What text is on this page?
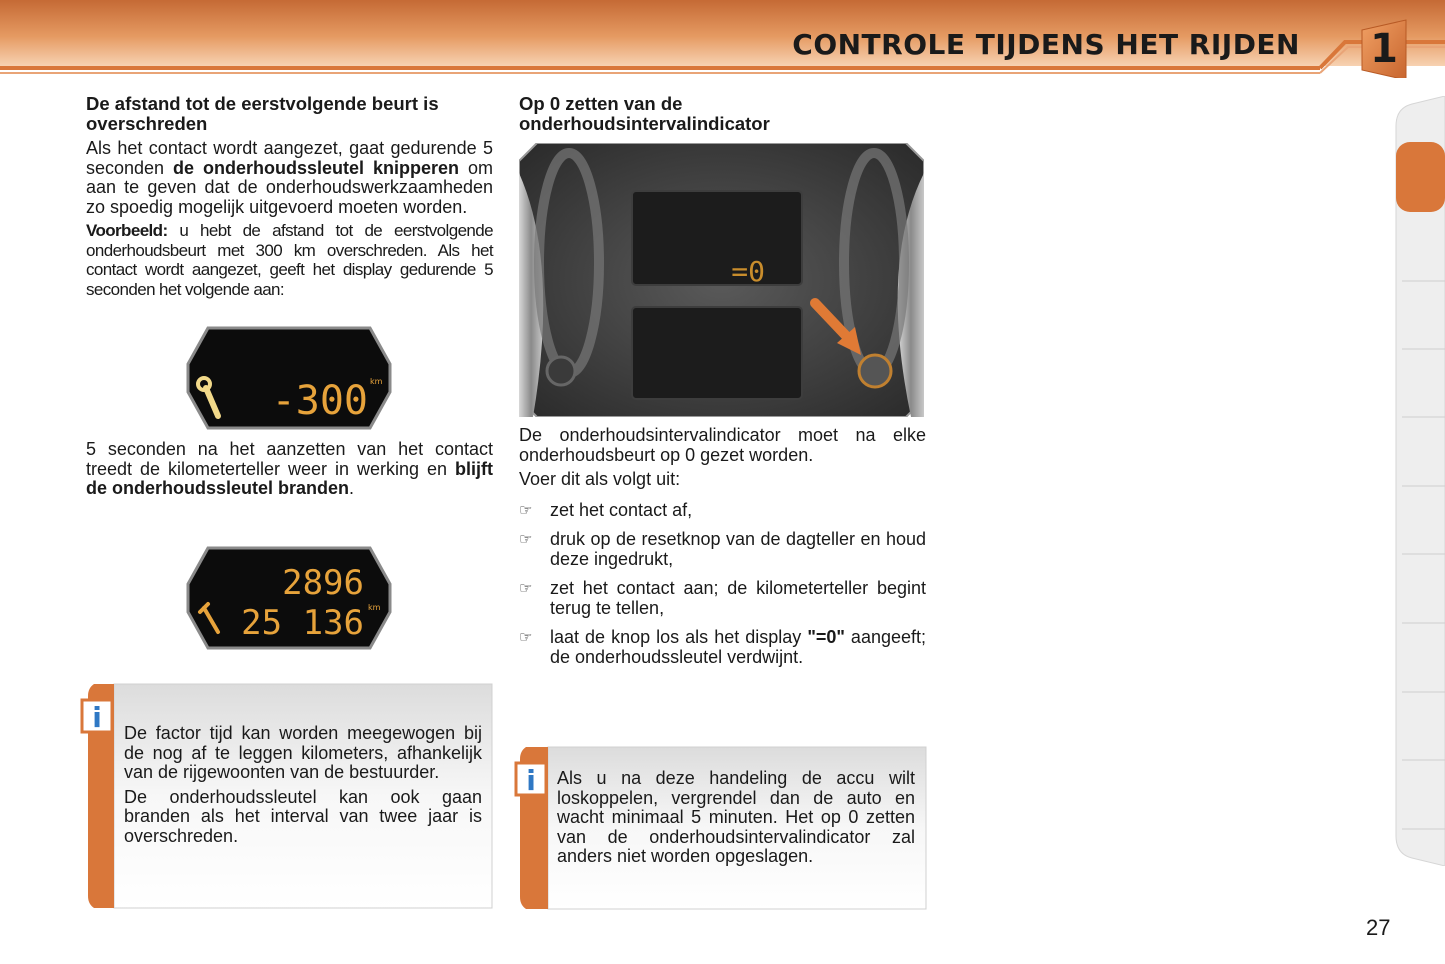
CONTROLE TIJDENS HET RIJDEN 1
De afstand tot de eerstvolgende beurt is overschreden
Als het contact wordt aangezet, gaat gedurende 5 seconden de onderhoudssleutel knipperen om aan te geven dat de onderhoudswerkzaamheden zo spoedig mogelijk uitgevoerd moeten worden.
Voorbeeld: u hebt de afstand tot de eerstvolgende onderhoudsbeurt met 300 km overschreden. Als het contact wordt aangezet, geeft het display gedurende 5 seconden het volgende aan:
5 seconden na het aanzetten van het contact treedt de kilometerteller weer in werking en blijft de onderhoudssleutel branden.
-300 km
2896
25 136 km
i De factor tijd kan worden meegewogen bij de nog af te leggen kilometers, afhankelijk van de rijgewoonten van de bestuurder.
De onderhoudssleutel kan ook gaan branden als het interval van twee jaar is overschreden.
Op 0 zetten van de onderhoudsintervalindicator
De onderhoudsintervalindicator moet na elke onderhoudsbeurt op 0 gezet worden.
Voer dit als volgt uit:
☞ zet het contact af,
☞ druk op de resetknop van de dagteller en houd deze ingedrukt,
☞ zet het contact aan; de kilometerteller begint terug te tellen,
☞ laat de knop los als het display "=0" aangeeft; de onderhoudssleutel verdwijnt.
=0
i Als u na deze handeling de accu wilt loskoppelen, vergrendel dan de auto en wacht minimaal 5 minuten. Het op 0 zetten van de onderhoudsintervalindicator zal anders niet worden opgeslagen.
27
